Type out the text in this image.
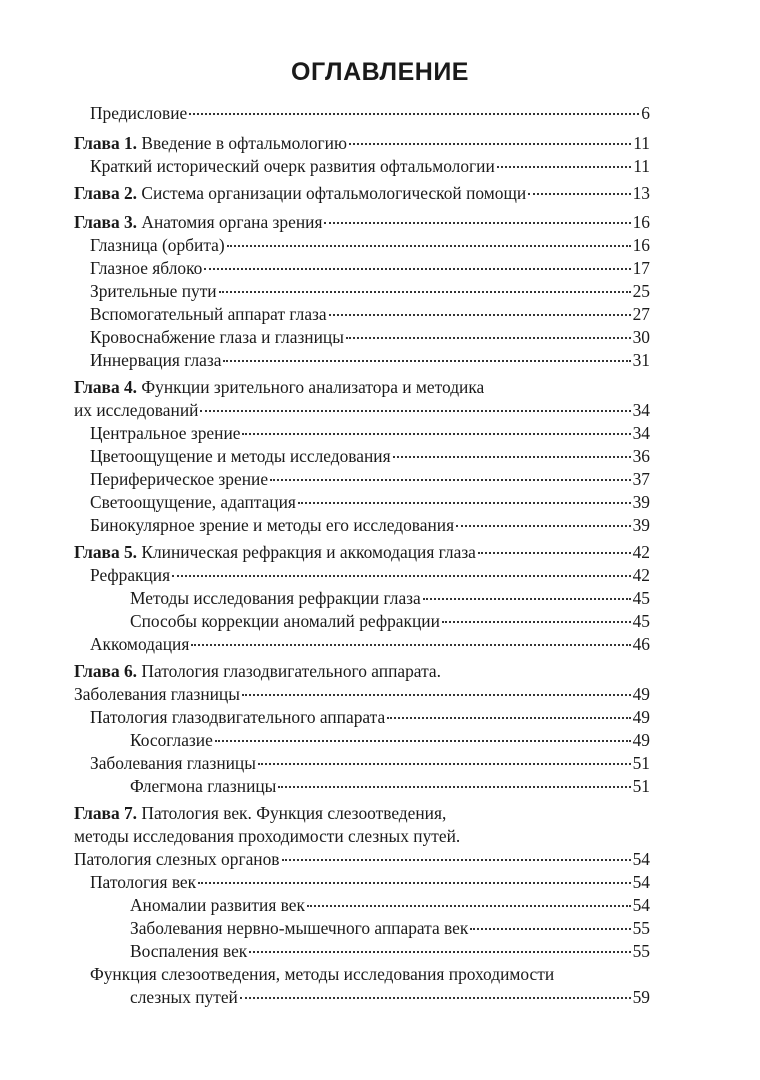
ОГЛАВЛЕНИЕ
Предисловие	6
Глава 1. Введение в офтальмологию	11
Краткий исторический очерк развития офтальмологии	11
Глава 2. Система организации офтальмологической помощи	13
Глава 3. Анатомия органа зрения	16
Глазница (орбита)	16
Глазное яблоко	17
Зрительные пути	25
Вспомогательный аппарат глаза	27
Кровоснабжение глаза и глазницы	30
Иннервация глаза	31
Глава 4. Функции зрительного анализатора и методика
их исследований	34
Центральное зрение	34
Цветоощущение и методы исследования	36
Периферическое зрение	37
Светоощущение, адаптация	39
Бинокулярное зрение и методы его исследования	39
Глава 5. Клиническая рефракция и аккомодация глаза	42
Рефракция	42
Методы исследования рефракции глаза	45
Способы коррекции аномалий рефракции	45
Аккомодация	46
Глава 6. Патология глазодвигательного аппарата.
Заболевания глазницы	49
Патология глазодвигательного аппарата	49
Косоглазие	49
Заболевания глазницы	51
Флегмона глазницы	51
Глава 7. Патология век. Функция слезоотведения,
методы исследования проходимости слезных путей.
Патология слезных органов	54
Патология век	54
Аномалии развития век	54
Заболевания нервно-мышечного аппарата век	55
Воспаления век	55
Функция слезоотведения, методы исследования проходимости
слезных путей	59
